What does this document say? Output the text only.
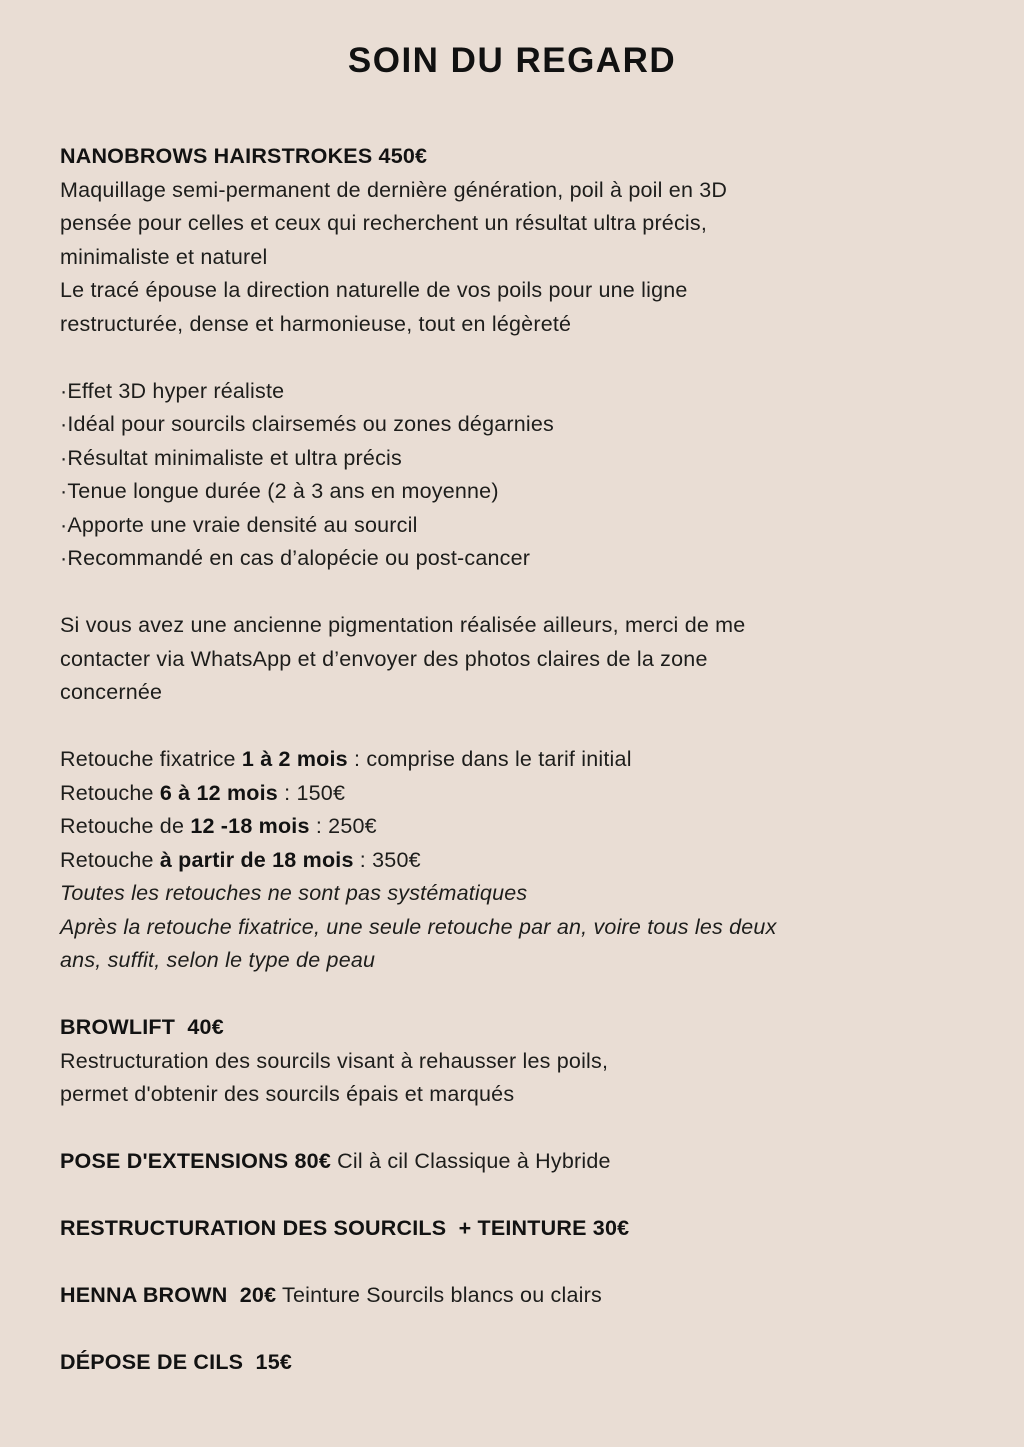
SOIN DU REGARD
NANOBROWS HAIRSTROKES 450€
Maquillage semi-permanent de dernière génération, poil à poil en 3D
pensée pour celles et ceux qui recherchent un résultat ultra précis,
minimaliste et naturel
Le tracé épouse la direction naturelle de vos poils pour une ligne
restructurée, dense et harmonieuse, tout en légèreté
·Effet 3D hyper réaliste
·Idéal pour sourcils clairsemés ou zones dégarnies
·Résultat minimaliste et ultra précis
·Tenue longue durée (2 à 3 ans en moyenne)
·Apporte une vraie densité au sourcil
·Recommandé en cas d’alopécie ou post-cancer
Si vous avez une ancienne pigmentation réalisée ailleurs, merci de me
contacter via WhatsApp et d’envoyer des photos claires de la zone
concernée
Retouche fixatrice 1 à 2 mois : comprise dans le tarif initial
Retouche 6 à 12 mois : 150€
Retouche de 12 -18 mois : 250€
Retouche à partir de 18 mois : 350€
Toutes les retouches ne sont pas systématiques
Après la retouche fixatrice, une seule retouche par an, voire tous les deux
ans, suffit, selon le type de peau
BROWLIFT  40€
Restructuration des sourcils visant à rehausser les poils,
permet d'obtenir des sourcils épais et marqués
POSE D'EXTENSIONS 80€ Cil à cil Classique à Hybride
RESTRUCTURATION DES SOURCILS  + TEINTURE 30€
HENNA BROWN  20€ Teinture Sourcils blancs ou clairs
DÉPOSE DE CILS  15€
